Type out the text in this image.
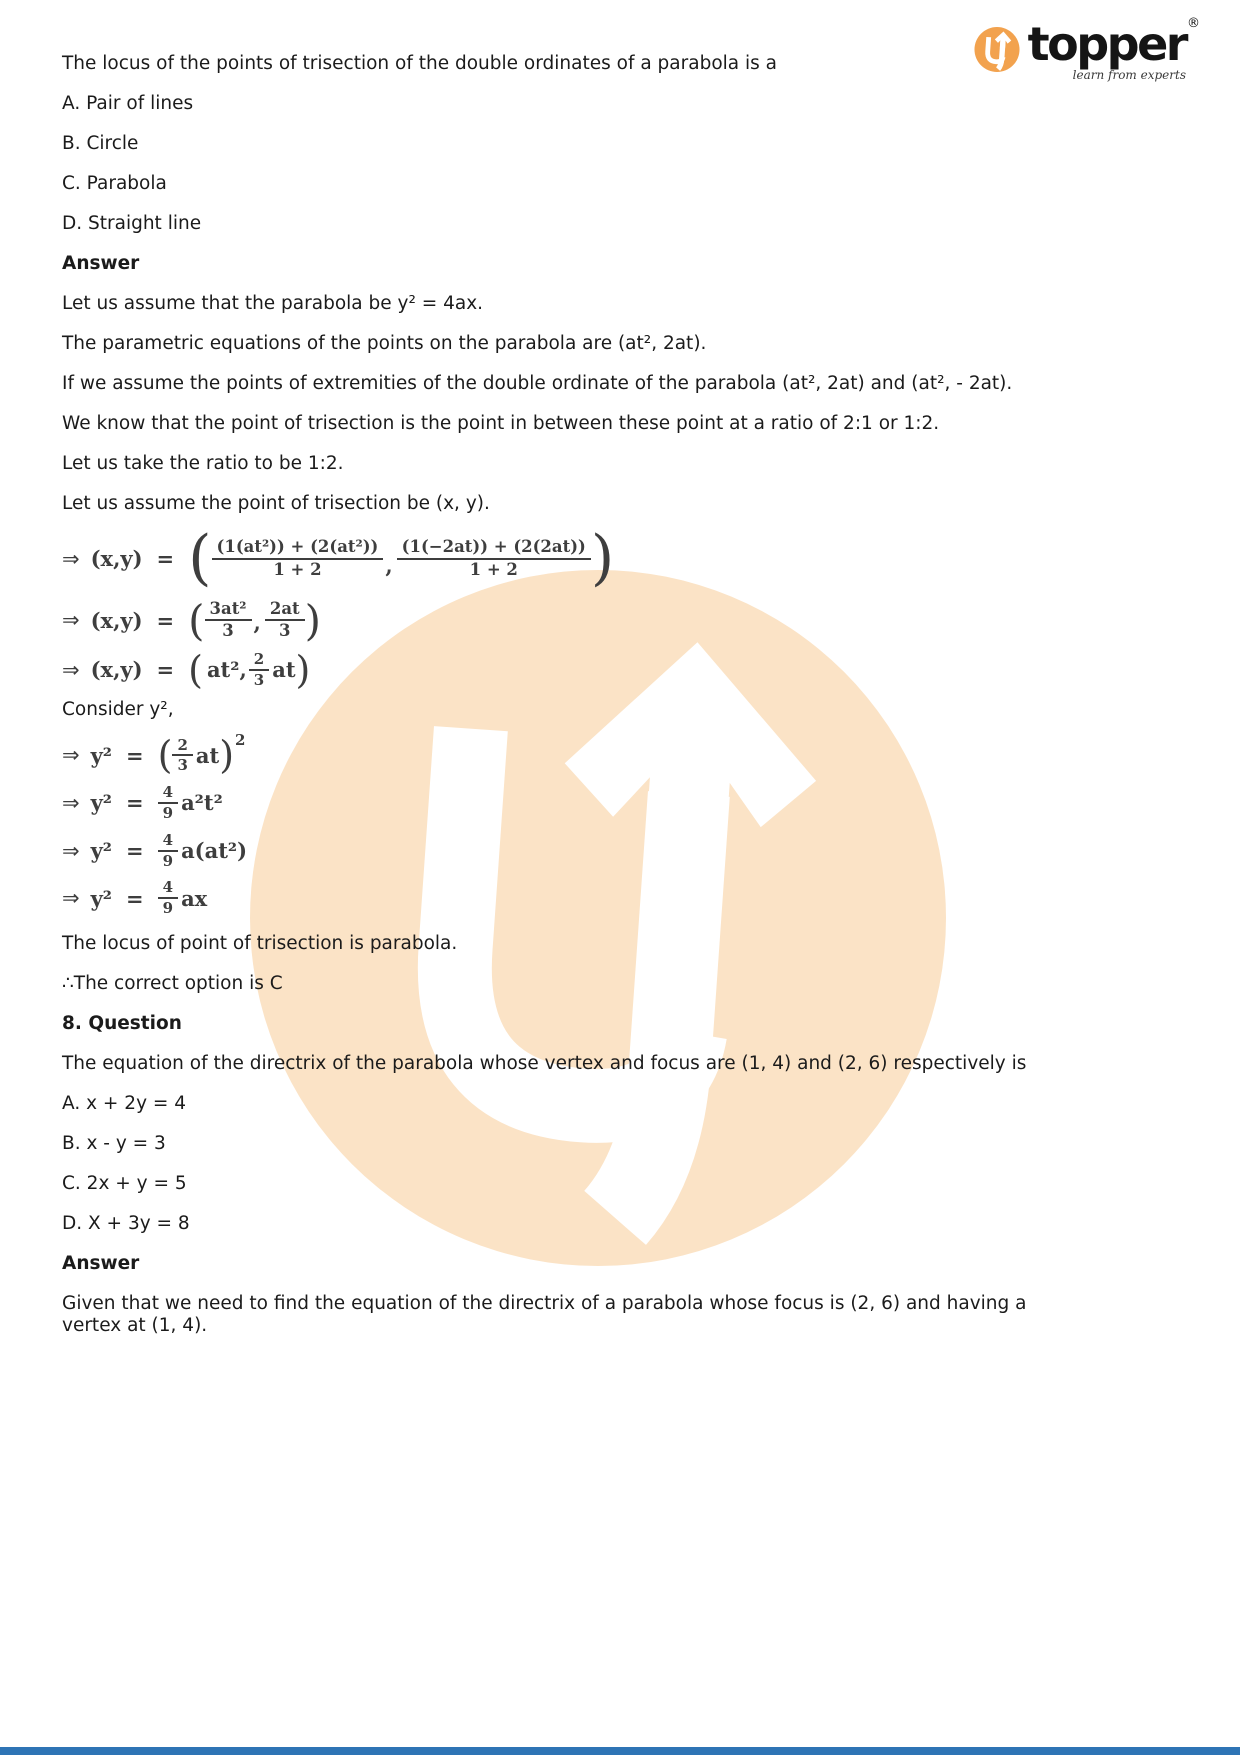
topper ®
learn from experts

The locus of the points of trisection of the double ordinates of a parabola is a

A. Pair of lines

B. Circle

C. Parabola

D. Straight line

Answer

Let us assume that the parabola be y² = 4ax.

The parametric equations of the points on the parabola are (at², 2at).

If we assume the points of extremities of the double ordinate of the parabola (at², 2at) and (at², - 2at).

We know that the point of trisection is the point in between these point at a ratio of 2:1 or 1:2.

Let us take the ratio to be 1:2.

Let us assume the point of trisection be (x, y).

⇒ (x,y) = ( $\frac{\text{(1(at²)) + (2(at²))}}{1 + 2}$ , $\frac{(1(-2at)) + (2(2at))}{1 + 2}$ )
⇒ (x,y) = ( $\frac{\text{3at²}}{3}$ , $\frac{2at}{3}$ )
⇒ (x,y) = ( at², $\frac{2}{3}$ at )

Consider y²,

⇒ y² = ( $\frac{2}{3}$ at ) 2
⇒ $y^2 = \frac{4}{9} a^2t^2$
⇒ $y^2 = \frac{4}{9} a(at^2)$
⇒ $y^2 = \frac{4}{9}$ ax

The locus of point of trisection is parabola.

∴The correct option is C

8. Question

The equation of the directrix of the parabola whose vertex and focus are (1, 4) and (2, 6) respectively is

A. x + 2y = 4

B. x - y = 3

C. 2x + y = 5

D. X + 3y = 8

Answer

Given that we need to find the equation of the directrix of a parabola whose focus is (2, 6) and having a
vertex at (1, 4).
